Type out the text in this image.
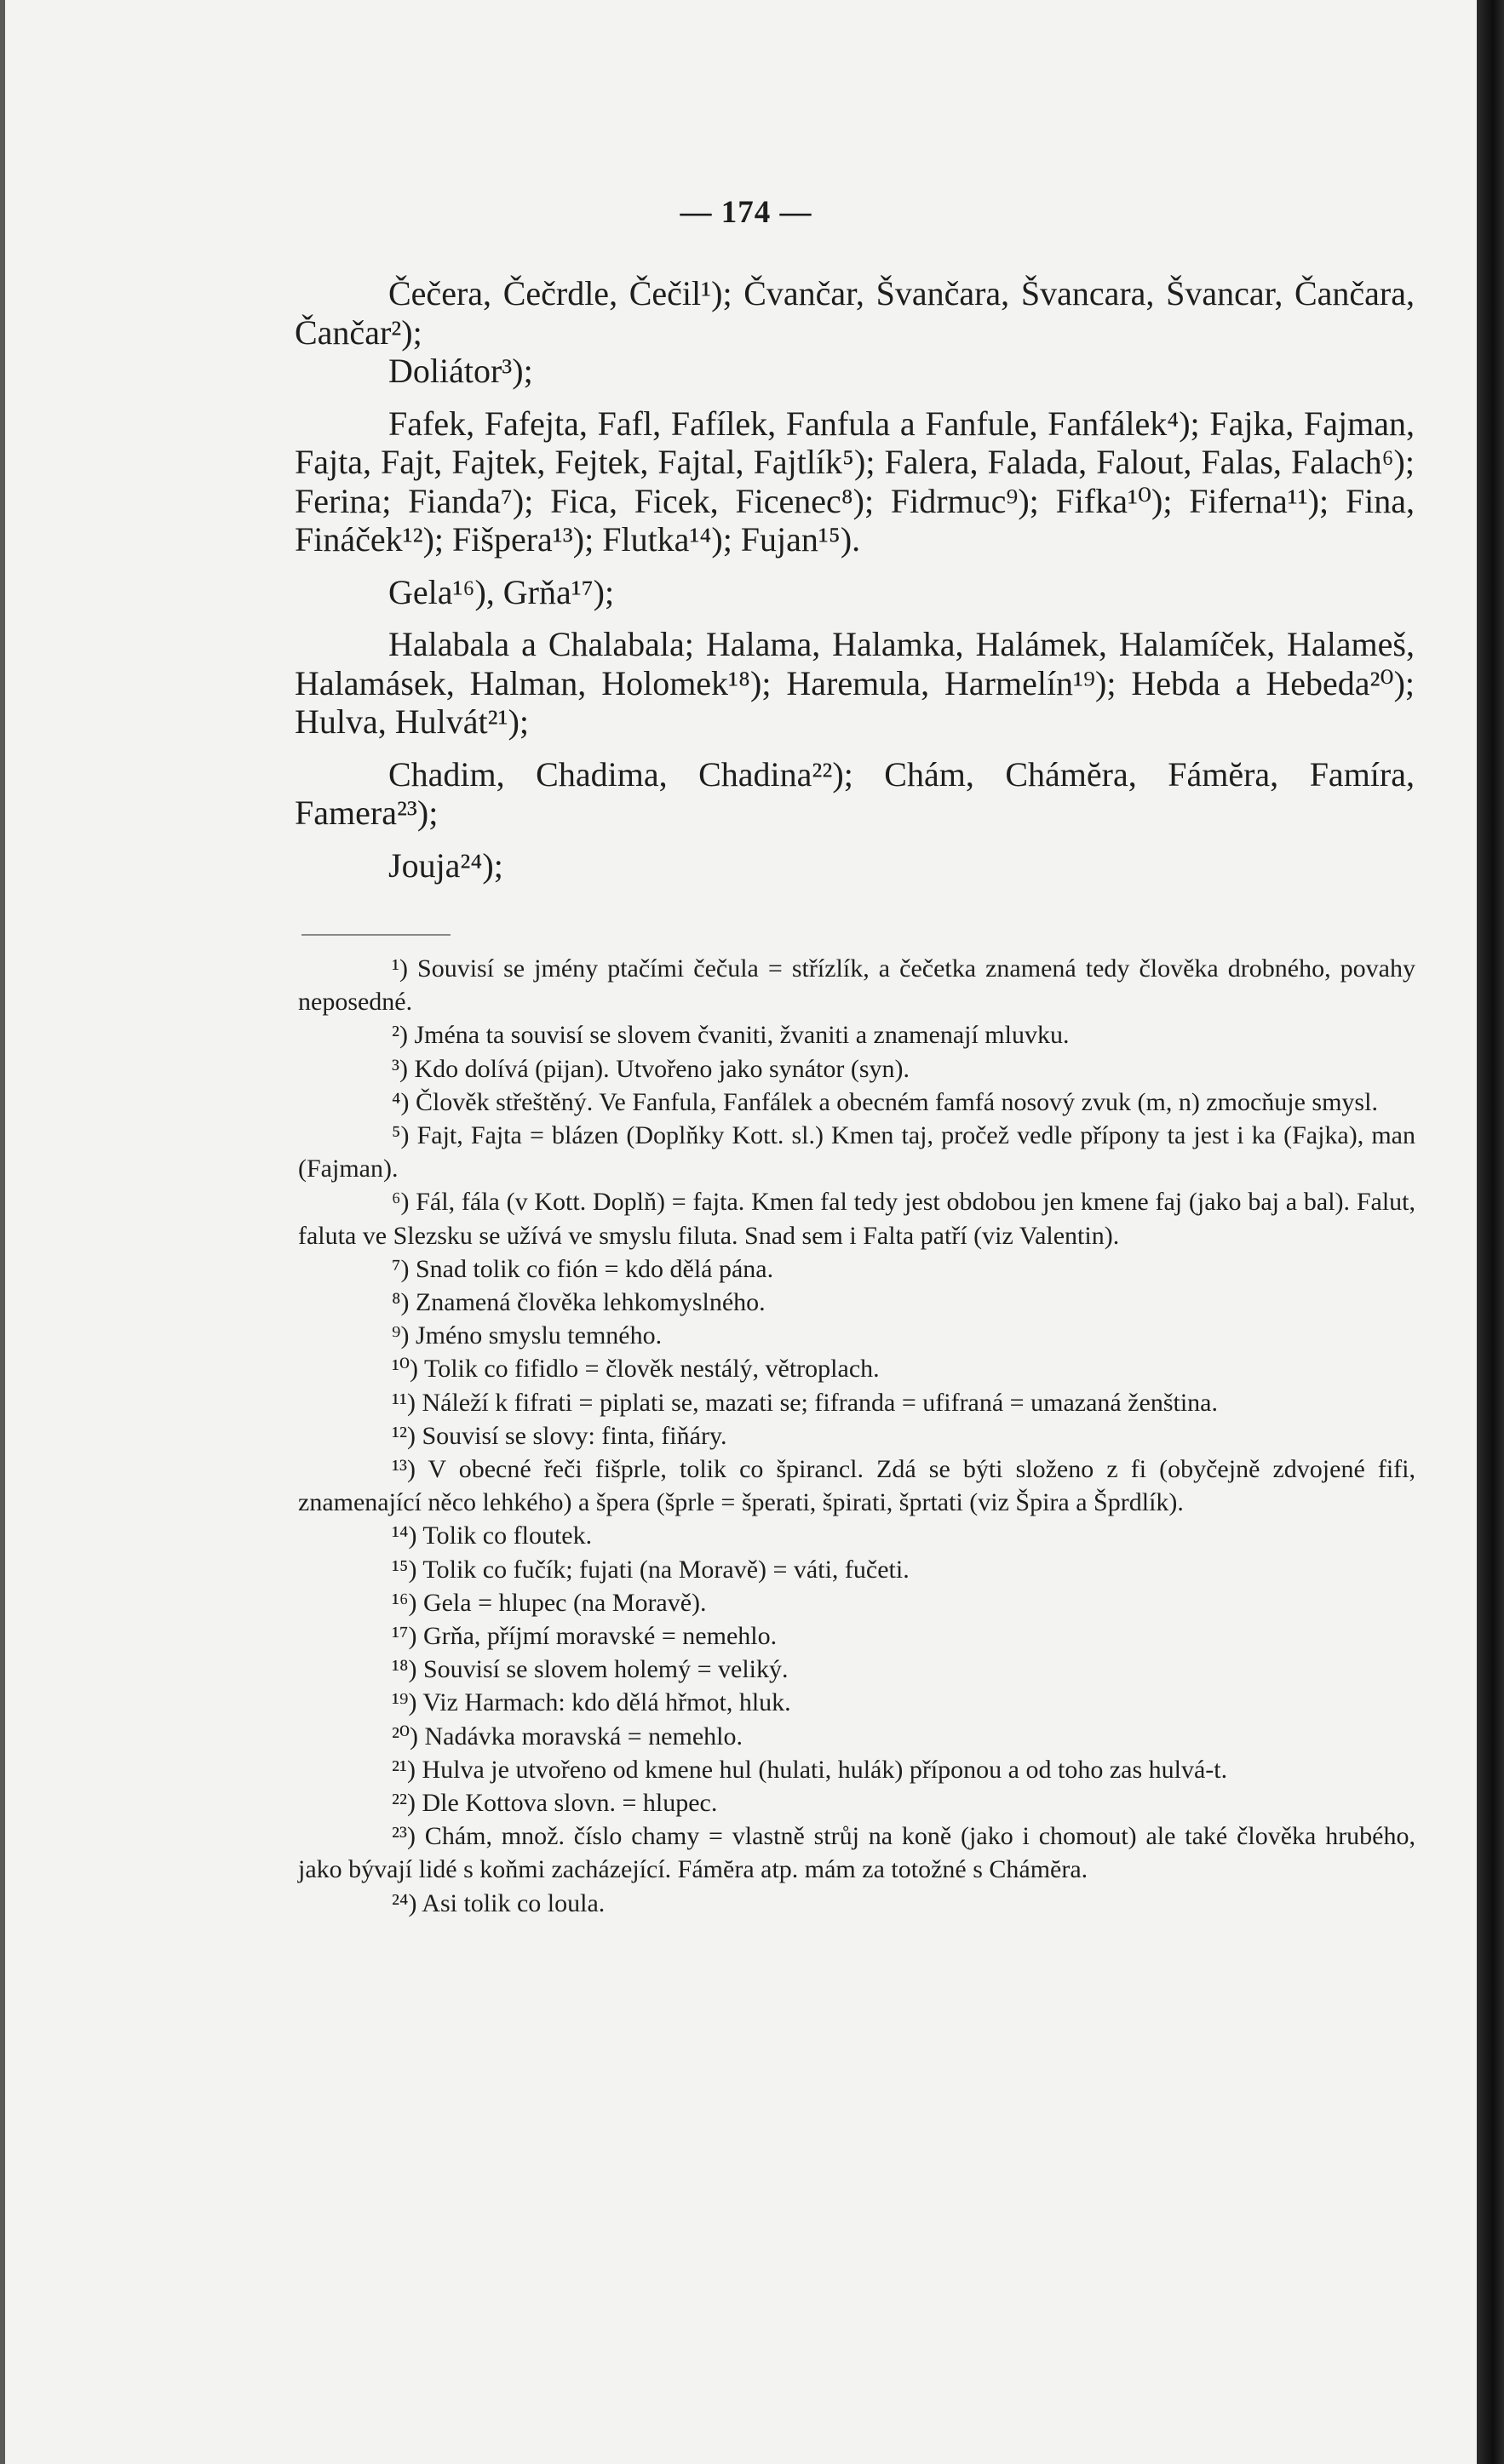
— 174 —

Čečera, Čečrdle, Čečil¹); Čvančar, Švančara, Švancara, Švancar, Čančara, Čančar²);

Doliátor³);

Fafek, Fafejta, Fafl, Fafílek, Fanfula a Fanfule, Fanfálek⁴); Fajka, Fajman, Fajta, Fajt, Fajtek, Fejtek, Fajtal, Fajtlík⁵); Falera, Falada, Falout, Falas, Falach⁶); Ferina; Fianda⁷); Fica, Ficek, Ficenec⁸); Fidrmuc⁹); Fifka¹⁰); Fiferna¹¹); Fina, Fináček¹²); Fišpera¹³); Flutka¹⁴); Fujan¹⁵).

Gela¹⁶), Grňa¹⁷);

Halabala a Chalabala; Halama, Halamka, Halámek, Halamíček, Halameš, Halamásek, Halman, Holomek¹⁸); Haremula, Harmelín¹⁹); Hebda a Hebeda²⁰); Hulva, Hulvát²¹);

Chadim, Chadima, Chadina²²); Chám, Chámĕra, Fámĕra, Famíra, Famera²³);

Jouja²⁴);

¹) Souvisí se jmény ptačími čečula = střízlík, a čečetka znamená tedy člověka drobného, povahy neposedné.

²) Jména ta souvisí se slovem čvaniti, žvaniti a znamenají mluvku.

³) Kdo dolívá (pijan). Utvořeno jako synátor (syn).

⁴) Člověk střeštěný. Ve Fanfula, Fanfálek a obecném famfá nosový zvuk (m, n) zmocňuje smysl.

⁵) Fajt, Fajta = blázen (Doplňky Kott. sl.) Kmen taj, pročež vedle přípony ta jest i ka (Fajka), man (Fajman).

⁶) Fál, fála (v Kott. Doplň) = fajta. Kmen fal tedy jest obdobou jen kmene faj (jako baj a bal). Falut, faluta ve Slezsku se užívá ve smyslu filuta. Snad sem i Falta patří (viz Valentin).

⁷) Snad tolik co fión = kdo dělá pána.

⁸) Znamená člověka lehkomyslného.

⁹) Jméno smyslu temného.

¹⁰) Tolik co fifidlo = člověk nestálý, větroplach.

¹¹) Náleží k fifrati = piplati se, mazati se; fifranda = ufifraná = umazaná ženština.

¹²) Souvisí se slovy: finta, fiňáry.

¹³) V obecné řeči fišprle, tolik co špirancl. Zdá se býti složeno z fi (obyčejně zdvojené fifi, znamenající něco lehkého) a špera (šprle = šperati, špirati, šprtati (viz Špira a Šprdlík).

¹⁴) Tolik co floutek.

¹⁵) Tolik co fučík; fujati (na Moravě) = váti, fučeti.

¹⁶) Gela = hlupec (na Moravě).

¹⁷) Grňa, příjmí moravské = nemehlo.

¹⁸) Souvisí se slovem holemý = veliký.

¹⁹) Viz Harmach: kdo dělá hřmot, hluk.

²⁰) Nadávka moravská = nemehlo.

²¹) Hulva je utvořeno od kmene hul (hulati, hulák) příponou a od toho zas hulvá-t.

²²) Dle Kottova slovn. = hlupec.

²³) Chám, množ. číslo chamy = vlastně strůj na koně (jako i chomout) ale také člověka hrubého, jako bývají lidé s koňmi zacházející. Fámĕra atp. mám za totožné s Chámĕra.

²⁴) Asi tolik co loula.
